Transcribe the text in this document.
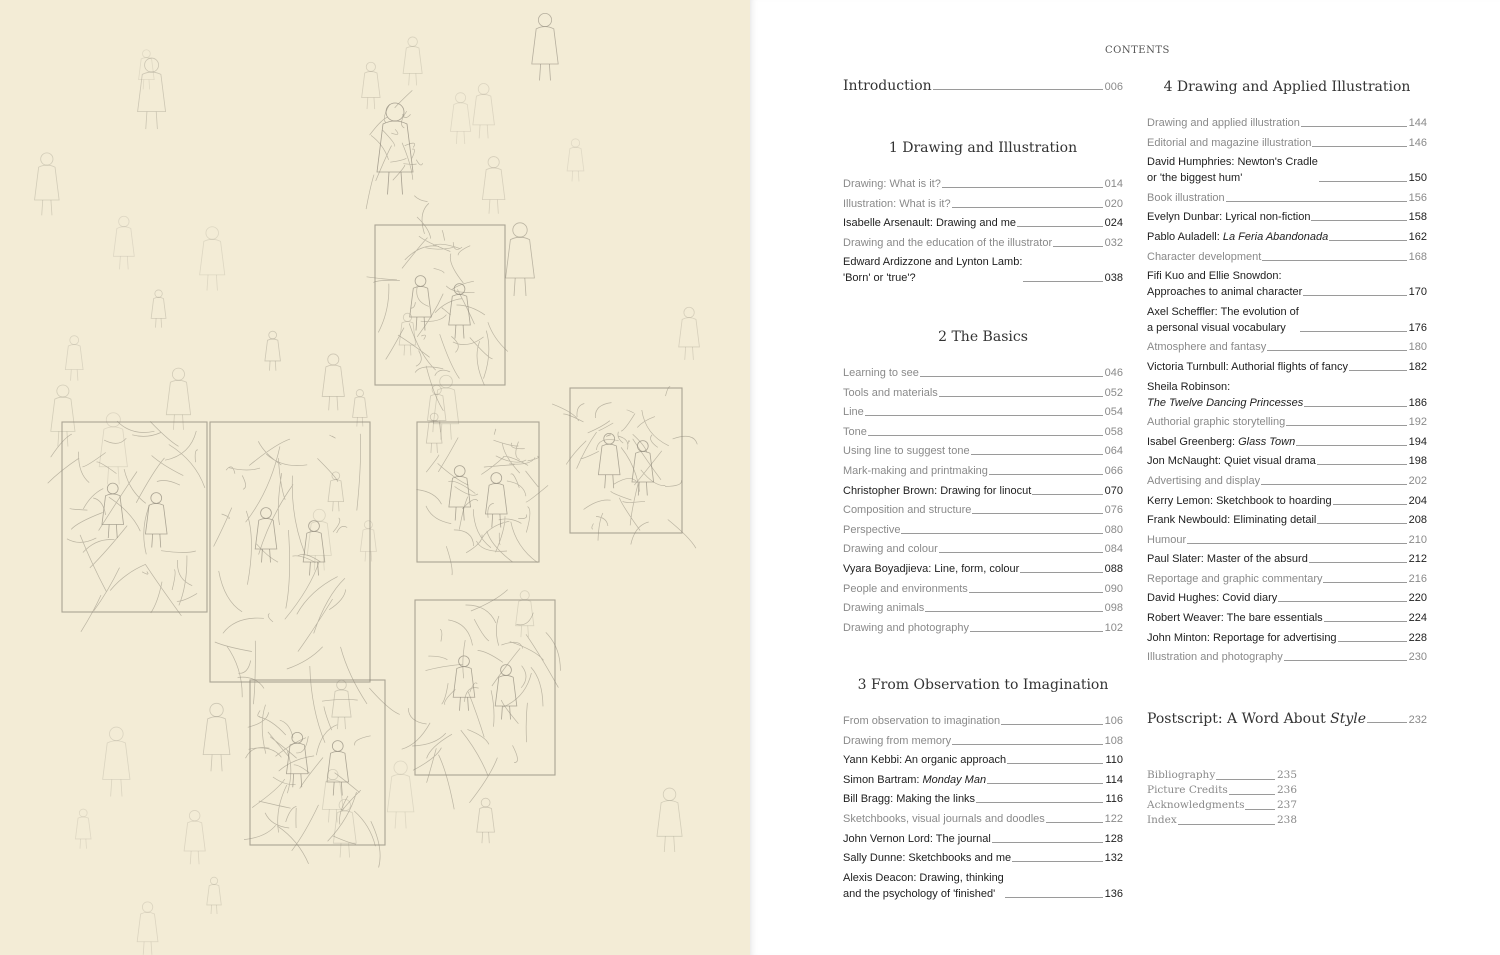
CONTENTS
Introduction	006
1 Drawing and Illustration
Drawing: What is it?	014
Illustration: What is it?	020
Isabelle Arsenault: Drawing and me	024
Drawing and the education of the illustrator	032
Edward Ardizzone and Lynton Lamb:
'Born' or 'true'?	038
2 The Basics
Learning to see	046
Tools and materials	052
Line	054
Tone	058
Using line to suggest tone	064
Mark-making and printmaking	066
Christopher Brown: Drawing for linocut	070
Composition and structure	076
Perspective	080
Drawing and colour	084
Vyara Boyadjieva: Line, form, colour	088
People and environments	090
Drawing animals	098
Drawing and photography	102
3 From Observation to Imagination
From observation to imagination	106
Drawing from memory	108
Yann Kebbi: An organic approach	110
Simon Bartram: Monday Man	114
Bill Bragg: Making the links	116
Sketchbooks, visual journals and doodles	122
John Vernon Lord: The journal	128
Sally Dunne: Sketchbooks and me	132
Alexis Deacon: Drawing, thinking
and the psychology of 'finished'	136
4 Drawing and Applied Illustration
Drawing and applied illustration	144
Editorial and magazine illustration	146
David Humphries: Newton's Cradle
or 'the biggest hum'	150
Book illustration	156
Evelyn Dunbar: Lyrical non-fiction	158
Pablo Auladell: La Feria Abandonada	162
Character development	168
Fifi Kuo and Ellie Snowdon:
Approaches to animal character	170
Axel Scheffler: The evolution of
a personal visual vocabulary	176
Atmosphere and fantasy	180
Victoria Turnbull: Authorial flights of fancy	182
Sheila Robinson:
The Twelve Dancing Princesses	186
Authorial graphic storytelling	192
Isabel Greenberg: Glass Town	194
Jon McNaught: Quiet visual drama	198
Advertising and display	202
Kerry Lemon: Sketchbook to hoarding	204
Frank Newbould: Eliminating detail	208
Humour	210
Paul Slater: Master of the absurd	212
Reportage and graphic commentary	216
David Hughes: Covid diary	220
Robert Weaver: The bare essentials	224
John Minton: Reportage for advertising	228
Illustration and photography	230
Postscript: A Word About Style	232
Bibliography	235
Picture Credits	236
Acknowledgments	237
Index	238
